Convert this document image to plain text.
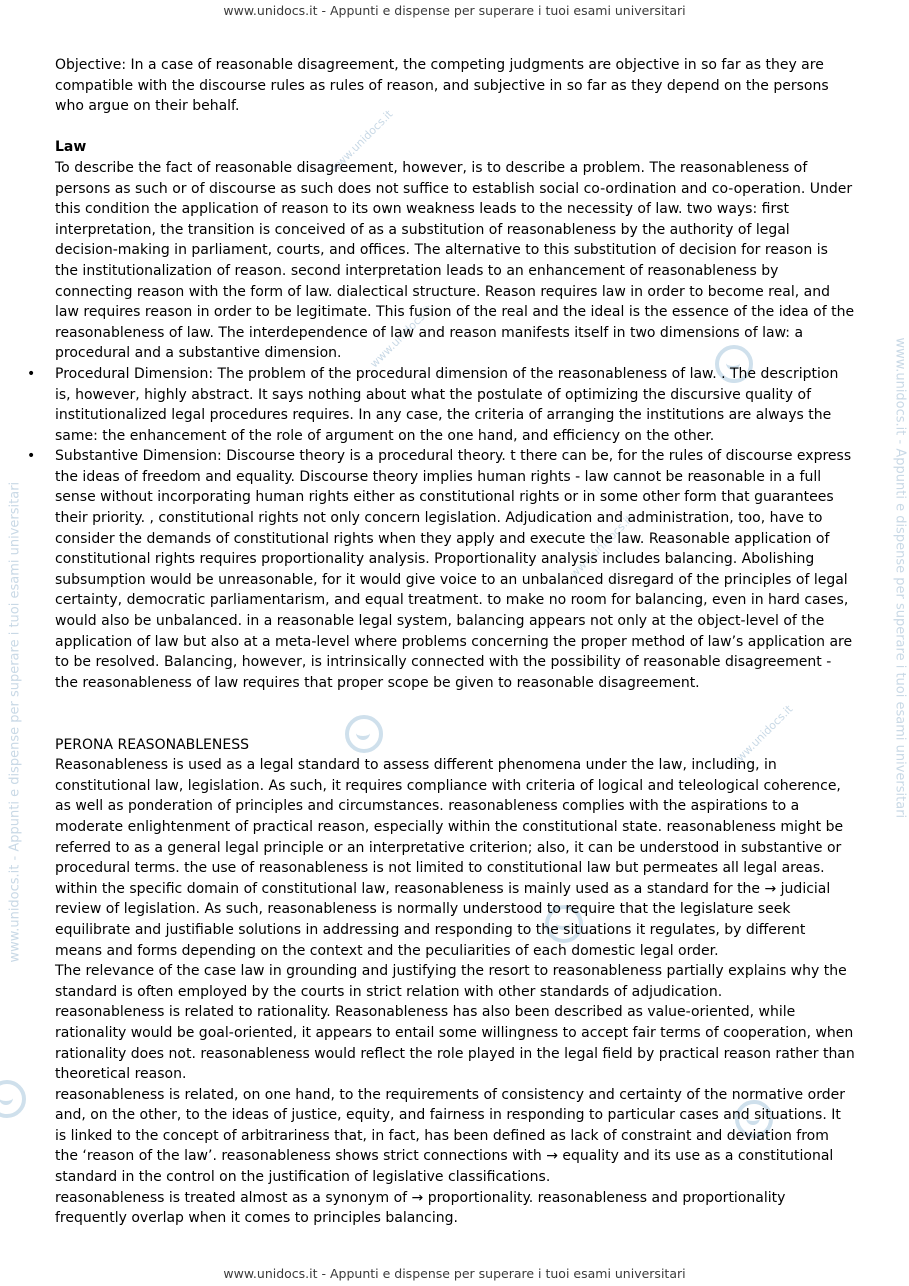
www.unidocs.it - Appunti e dispense per superare i tuoi esami universitari
www.unidocs.it - Appunti e dispense per superare i tuoi esami universitari
www.unidocs.it - Appunti e dispense per superare i tuoi esami universitari	www.unidocs.it - Appunti e dispense per superare i tuoi esami universitari
www.unidocs.it
www.unidocs.it
www.unidocs.it
www.unidocs.it

Objective: In a case of reasonable disagreement, the competing judgments are objective in so far as they are compatible with the discourse rules as rules of reason, and subjective in so far as they depend on the persons who argue on their behalf.

Law

To describe the fact of reasonable disagreement, however, is to describe a problem. The reasonableness of persons as such or of discourse as such does not suffice to establish social co-ordination and co-operation. Under this condition the application of reason to its own weakness leads to the necessity of law. two ways: first interpretation, the transition is conceived of as a substitution of reasonableness by the authority of legal decision-making in parliament, courts, and offices. The alternative to this substitution of decision for reason is the institutionalization of reason. second interpretation leads to an enhancement of reasonableness by connecting reason with the form of law. dialectical structure. Reason requires law in order to become real, and law requires reason in order to be legitimate. This fusion of the real and the ideal is the essence of the idea of the reasonableness of law. The interdependence of law and reason manifests itself in two dimensions of law: a procedural and a substantive dimension.

• Procedural Dimension: The problem of the procedural dimension of the reasonableness of law. . The description is, however, highly abstract. It says nothing about what the postulate of optimizing the discursive quality of institutionalized legal procedures requires. In any case, the criteria of arranging the institutions are always the same: the enhancement of the role of argument on the one hand, and efficiency on the other.
• Substantive Dimension: Discourse theory is a procedural theory. t there can be, for the rules of discourse express the ideas of freedom and equality. Discourse theory implies human rights - law cannot be reasonable in a full sense without incorporating human rights either as constitutional rights or in some other form that guarantees their priority. , constitutional rights not only concern legislation. Adjudication and administration, too, have to consider the demands of constitutional rights when they apply and execute the law. Reasonable application of constitutional rights requires proportionality analysis. Proportionality analysis includes balancing. Abolishing subsumption would be unreasonable, for it would give voice to an unbalanced disregard of the principles of legal certainty, democratic parliamentarism, and equal treatment. to make no room for balancing, even in hard cases, would also be unbalanced. in a reasonable legal system, balancing appears not only at the object-level of the application of law but also at a meta-level where problems concerning the proper method of law’s application are to be resolved. Balancing, however, is intrinsically connected with the possibility of reasonable disagreement - the reasonableness of law requires that proper scope be given to reasonable disagreement.

PERONA REASONABLENESS

Reasonableness is used as a legal standard to assess different phenomena under the law, including, in constitutional law, legislation. As such, it requires compliance with criteria of logical and teleological coherence, as well as ponderation of principles and circumstances. reasonableness complies with the aspirations to a moderate enlightenment of practical reason, especially within the constitutional state. reasonableness might be referred to as a general legal principle or an interpretative criterion; also, it can be understood in substantive or procedural terms. the use of reasonableness is not limited to constitutional law but permeates all legal areas. within the specific domain of constitutional law, reasonableness is mainly used as a standard for the → judicial review of legislation. As such, reasonableness is normally understood to require that the legislature seek equilibrate and justifiable solutions in addressing and responding to the situations it regulates, by different means and forms depending on the context and the peculiarities of each domestic legal order.

The relevance of the case law in grounding and justifying the resort to reasonableness partially explains why the standard is often employed by the courts in strict relation with other standards of adjudication.

reasonableness is related to rationality. Reasonableness has also been described as value-oriented, while rationality would be goal-oriented, it appears to entail some willingness to accept fair terms of cooperation, when rationality does not. reasonableness would reflect the role played in the legal field by practical reason rather than theoretical reason.

reasonableness is related, on one hand, to the requirements of consistency and certainty of the normative order and, on the other, to the ideas of justice, equity, and fairness in responding to particular cases and situations. It is linked to the concept of arbitrariness that, in fact, has been defined as lack of constraint and deviation from the ‘reason of the law’. reasonableness shows strict connections with → equality and its use as a constitutional standard in the control on the justification of legislative classifications.

reasonableness is treated almost as a synonym of → proportionality. reasonableness and proportionality frequently overlap when it comes to principles balancing.
